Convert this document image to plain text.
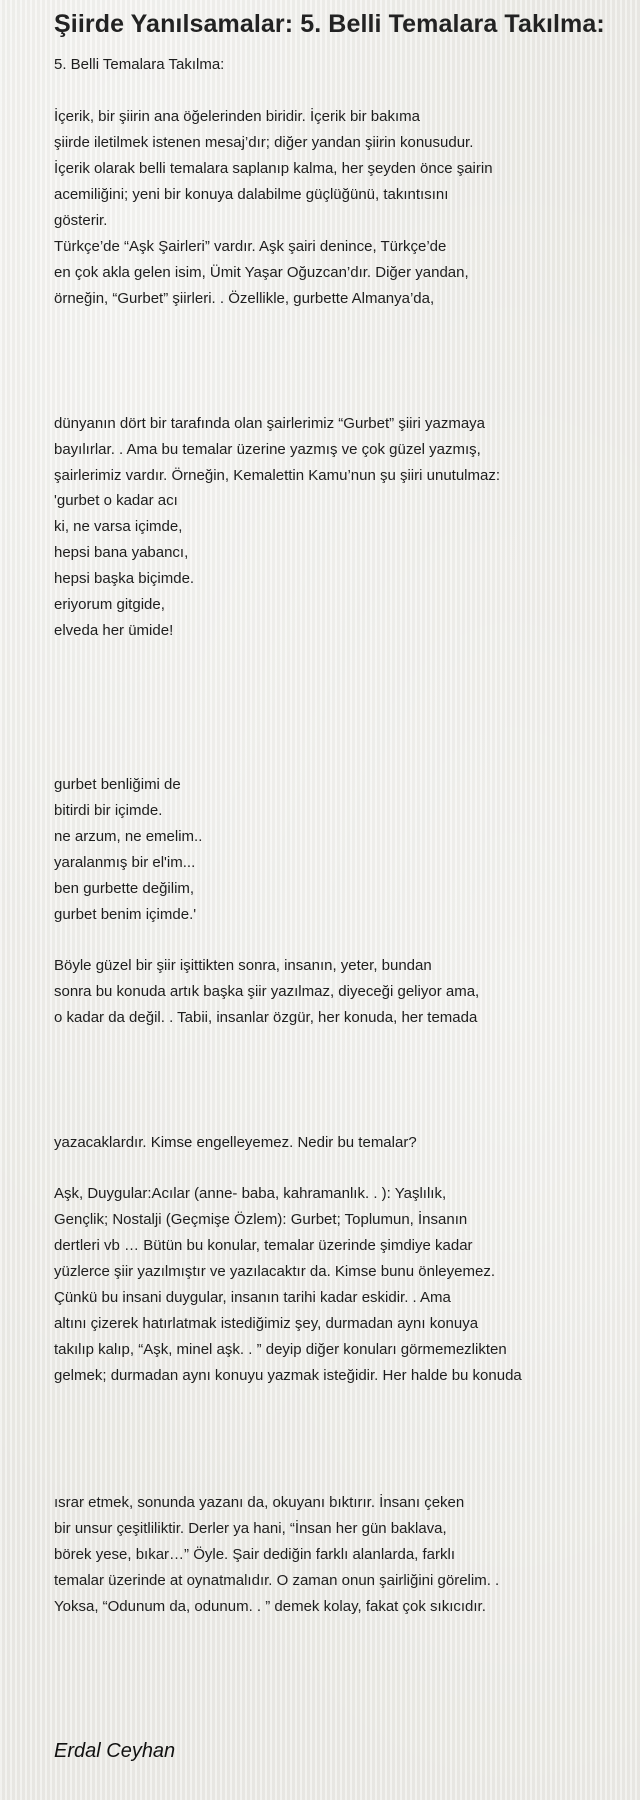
Şiirde Yanılsamalar: 5. Belli Temalara Takılma:
5. Belli Temalara Takılma:
İçerik, bir şiirin ana öğelerinden biridir. İçerik bir bakıma
şiirde iletilmek istenen mesaj’dır; diğer yandan şiirin konusudur.
İçerik olarak belli temalara saplanıp kalma, her şeyden önce şairin
acemiliğini; yeni bir konuya dalabilme güçlüğünü, takıntısını
gösterir.
Türkçe’de “Aşk Şairleri” vardır. Aşk şairi denince, Türkçe’de
en çok akla gelen isim, Ümit Yaşar Oğuzcan’dır. Diğer yandan,
örneğin, “Gurbet” şiirleri. . Özellikle, gurbette Almanya’da,
dünyanın dört bir tarafında olan şairlerimiz “Gurbet” şiiri yazmaya
bayılırlar. . Ama bu temalar üzerine yazmış ve çok güzel yazmış,
şairlerimiz vardır. Örneğin, Kemalettin Kamu’nun şu şiiri unutulmaz:
'gurbet o kadar acı
ki, ne varsa içimde,
hepsi bana yabancı,
hepsi başka biçimde.
eriyorum gitgide,
elveda her ümide!
gurbet benliğimi de
bitirdi bir içimde.
ne arzum, ne emelim..
yaralanmış bir el'im...
ben gurbette değilim,
gurbet benim içimde.'
Böyle güzel bir şiir işittikten sonra, insanın, yeter, bundan
sonra bu konuda artık başka şiir yazılmaz, diyeceği geliyor ama,
o kadar da değil. . Tabii, insanlar özgür, her konuda, her temada
yazacaklardır. Kimse engelleyemez. Nedir bu temalar?
Aşk, Duygular:Acılar (anne- baba, kahramanlık. . ): Yaşlılık,
Gençlik; Nostalji (Geçmişe Özlem): Gurbet; Toplumun, İnsanın
dertleri vb … Bütün bu konular, temalar üzerinde şimdiye kadar
yüzlerce şiir yazılmıştır ve yazılacaktır da. Kimse bunu önleyemez.
Çünkü bu insani duygular, insanın tarihi kadar eskidir. . Ama
altını çizerek hatırlatmak istediğimiz şey, durmadan aynı konuya
takılıp kalıp, “Aşk, minel aşk. . ” deyip diğer konuları görmemezlikten
gelmek; durmadan aynı konuyu yazmak isteğidir. Her halde bu konuda
ısrar etmek, sonunda yazanı da, okuyanı bıktırır. İnsanı çeken
bir unsur çeşitliliktir. Derler ya hani, “İnsan her gün baklava,
börek yese, bıkar…” Öyle. Şair dediğin farklı alanlarda, farklı
temalar üzerinde at oynatmalıdır. O zaman onun şairliğini görelim. .
Yoksa, “Odunum da, odunum. . ” demek kolay, fakat çok sıkıcıdır.
Erdal Ceyhan
